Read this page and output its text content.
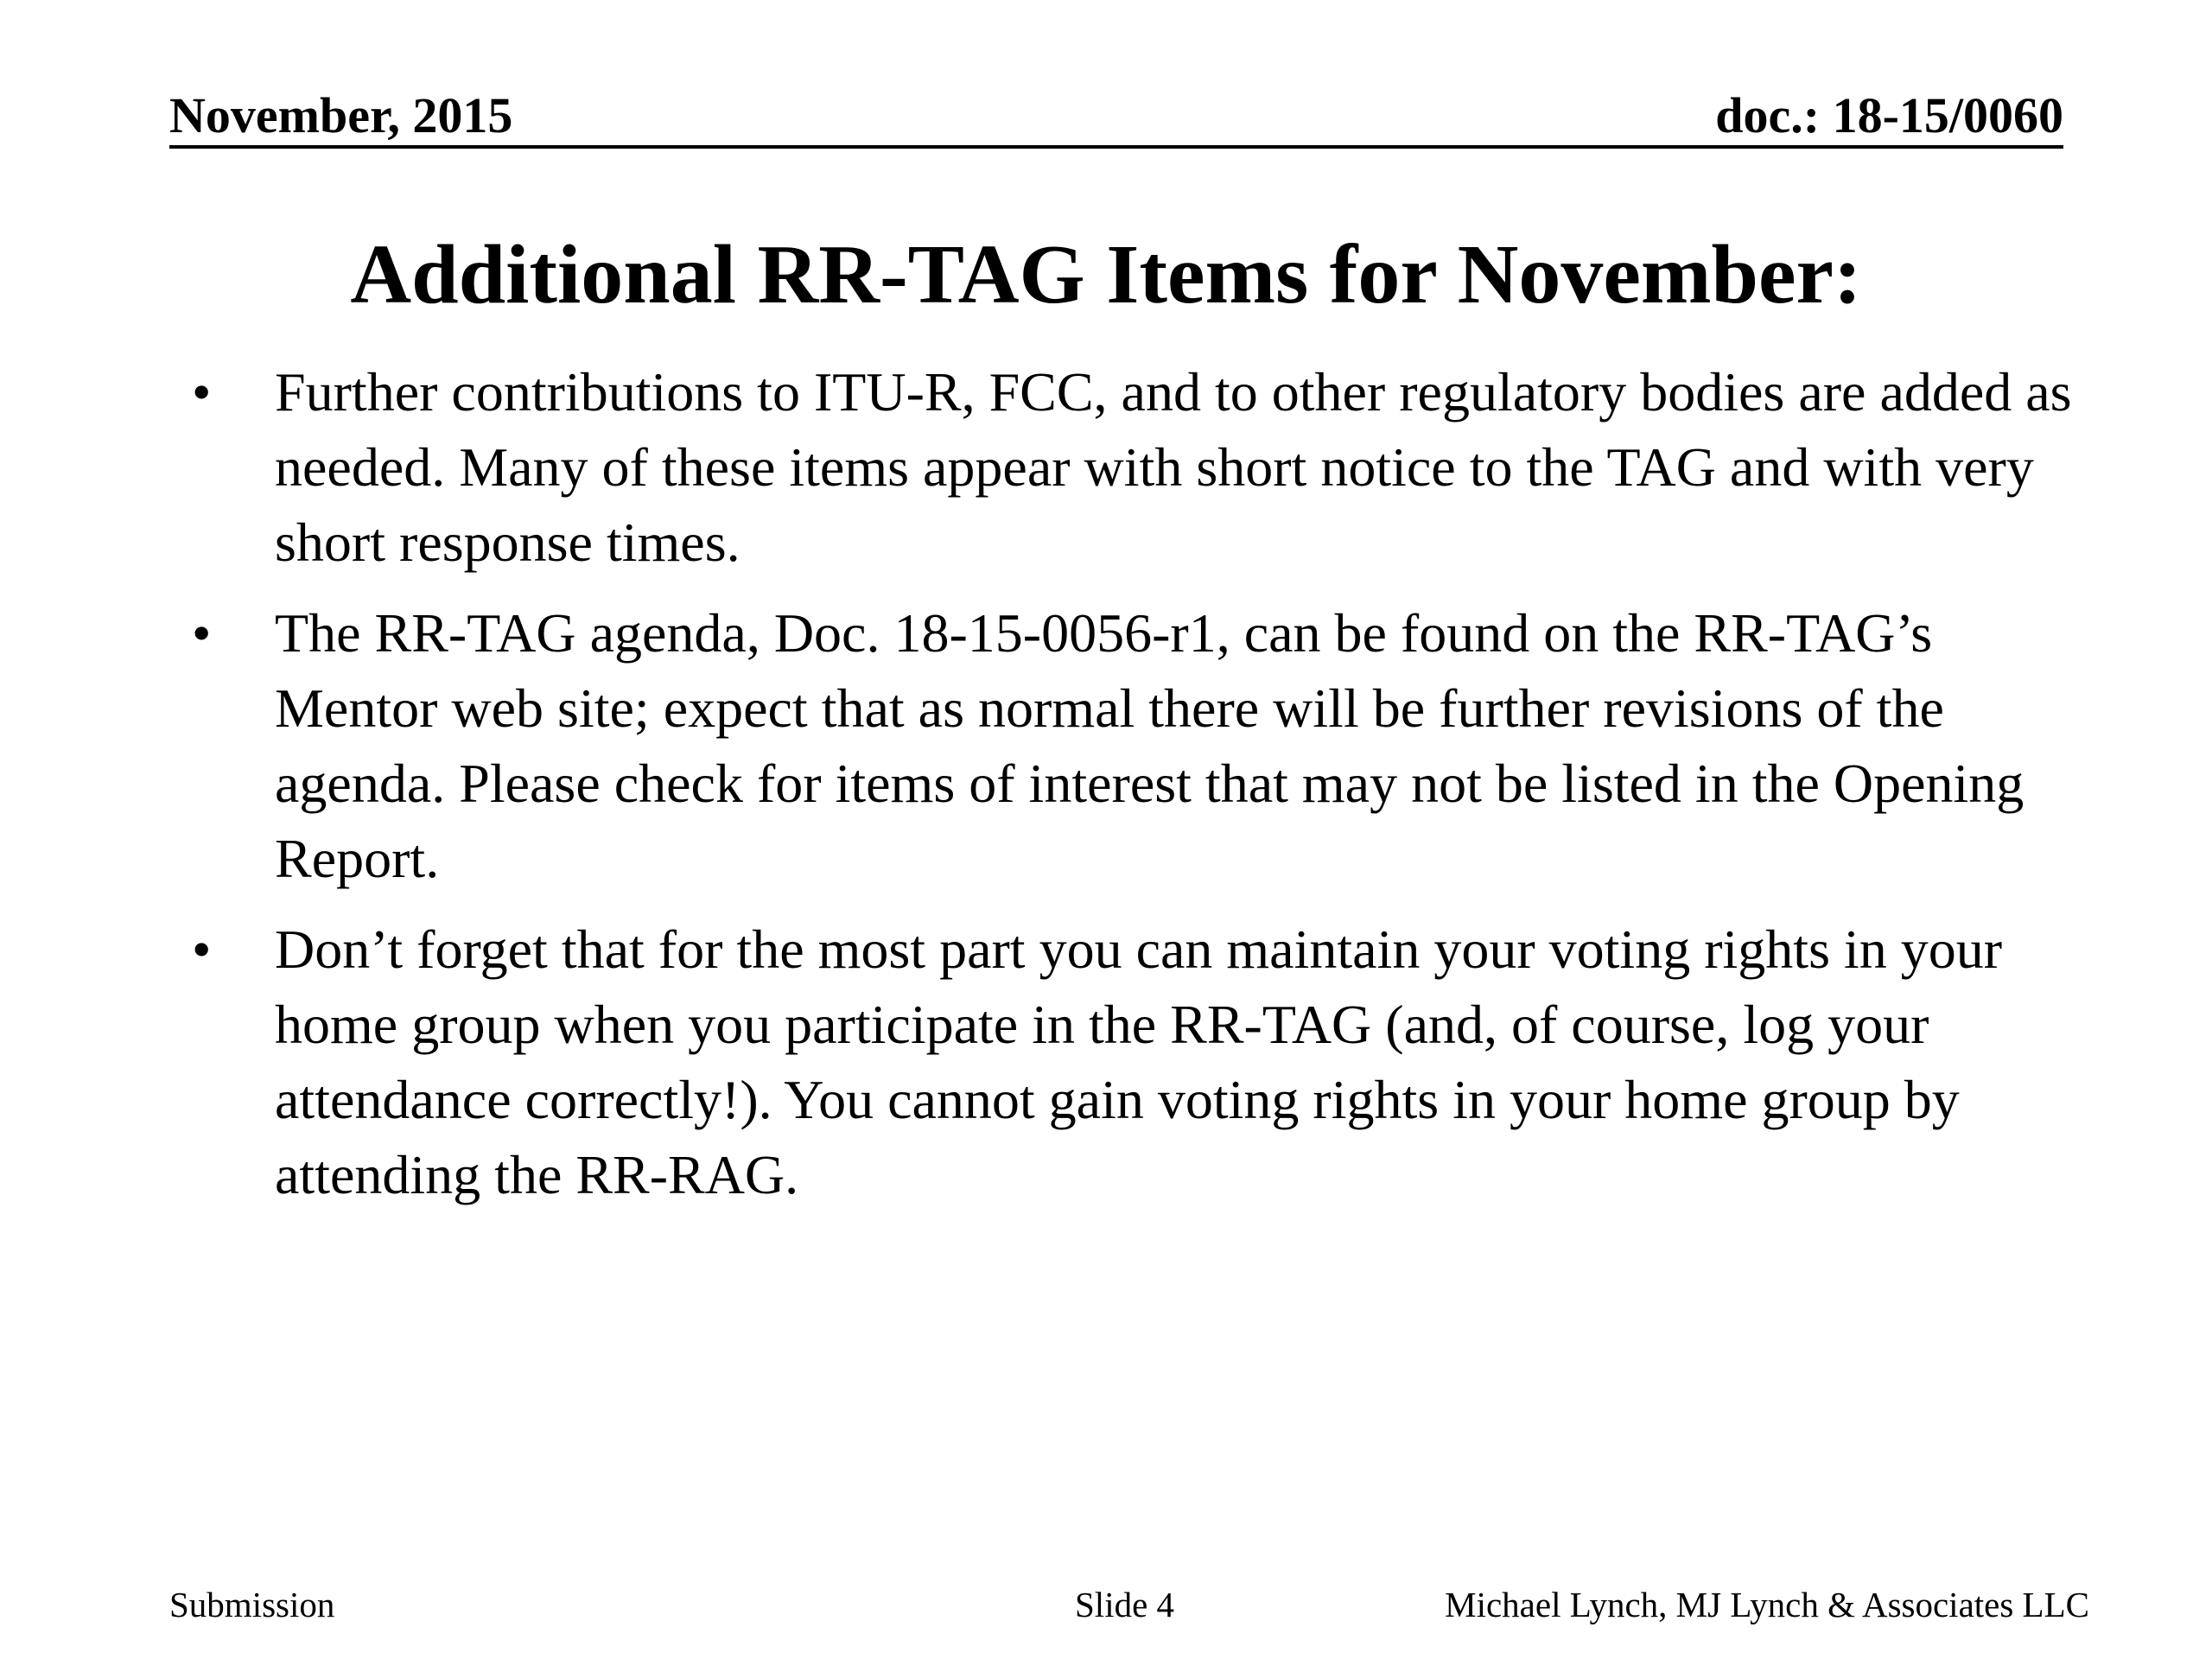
November, 2015	doc.: 18-15/0060
Additional RR-TAG Items for November:
• Further contributions to ITU-R, FCC, and to other regulatory bodies are added as needed. Many of these items appear with short notice to the TAG and with very short response times.
• The RR-TAG agenda, Doc. 18-15-0056-r1, can be found on the RR-TAG’s Mentor web site; expect that as normal there will be further revisions of the agenda. Please check for items of interest that may not be listed in the Opening Report.
• Don’t forget that for the most part you can maintain your voting rights in your home group when you participate in the RR-TAG (and, of course, log your attendance correctly!). You cannot gain voting rights in your home group by attending the RR-RAG.
Submission	Slide 4	Michael Lynch, MJ Lynch & Associates LLC
